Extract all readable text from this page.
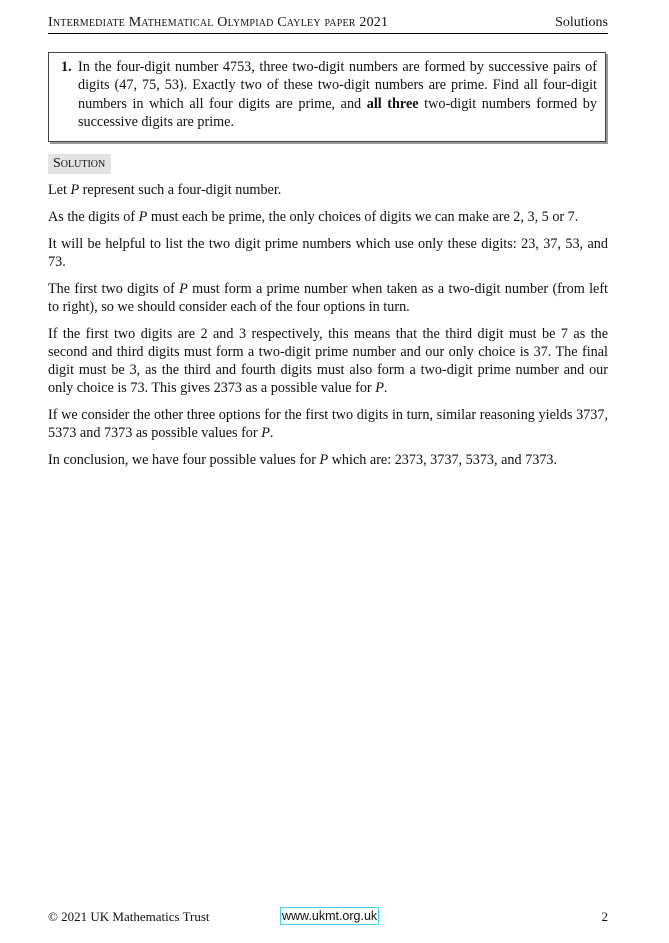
Intermediate Mathematical Olympiad Cayley paper 2021	Solutions
1. In the four-digit number 4753, three two-digit numbers are formed by successive pairs of digits (47, 75, 53). Exactly two of these two-digit numbers are prime. Find all four-digit numbers in which all four digits are prime, and all three two-digit numbers formed by successive digits are prime.
Solution

Let P represent such a four-digit number.

As the digits of P must each be prime, the only choices of digits we can make are 2, 3, 5 or 7.

It will be helpful to list the two digit prime numbers which use only these digits: 23, 37, 53, and 73.

The first two digits of P must form a prime number when taken as a two-digit number (from left to right), so we should consider each of the four options in turn.

If the first two digits are 2 and 3 respectively, this means that the third digit must be 7 as the second and third digits must form a two-digit prime number and our only choice is 37. The final digit must be 3, as the third and fourth digits must also form a two-digit prime number and our only choice is 73. This gives 2373 as a possible value for P.

If we consider the other three options for the first two digits in turn, similar reasoning yields 3737, 5373 and 7373 as possible values for P.

In conclusion, we have four possible values for P which are: 2373, 3737, 5373, and 7373.

© 2021 UK Mathematics Trust	www.ukmt.org.uk	2
